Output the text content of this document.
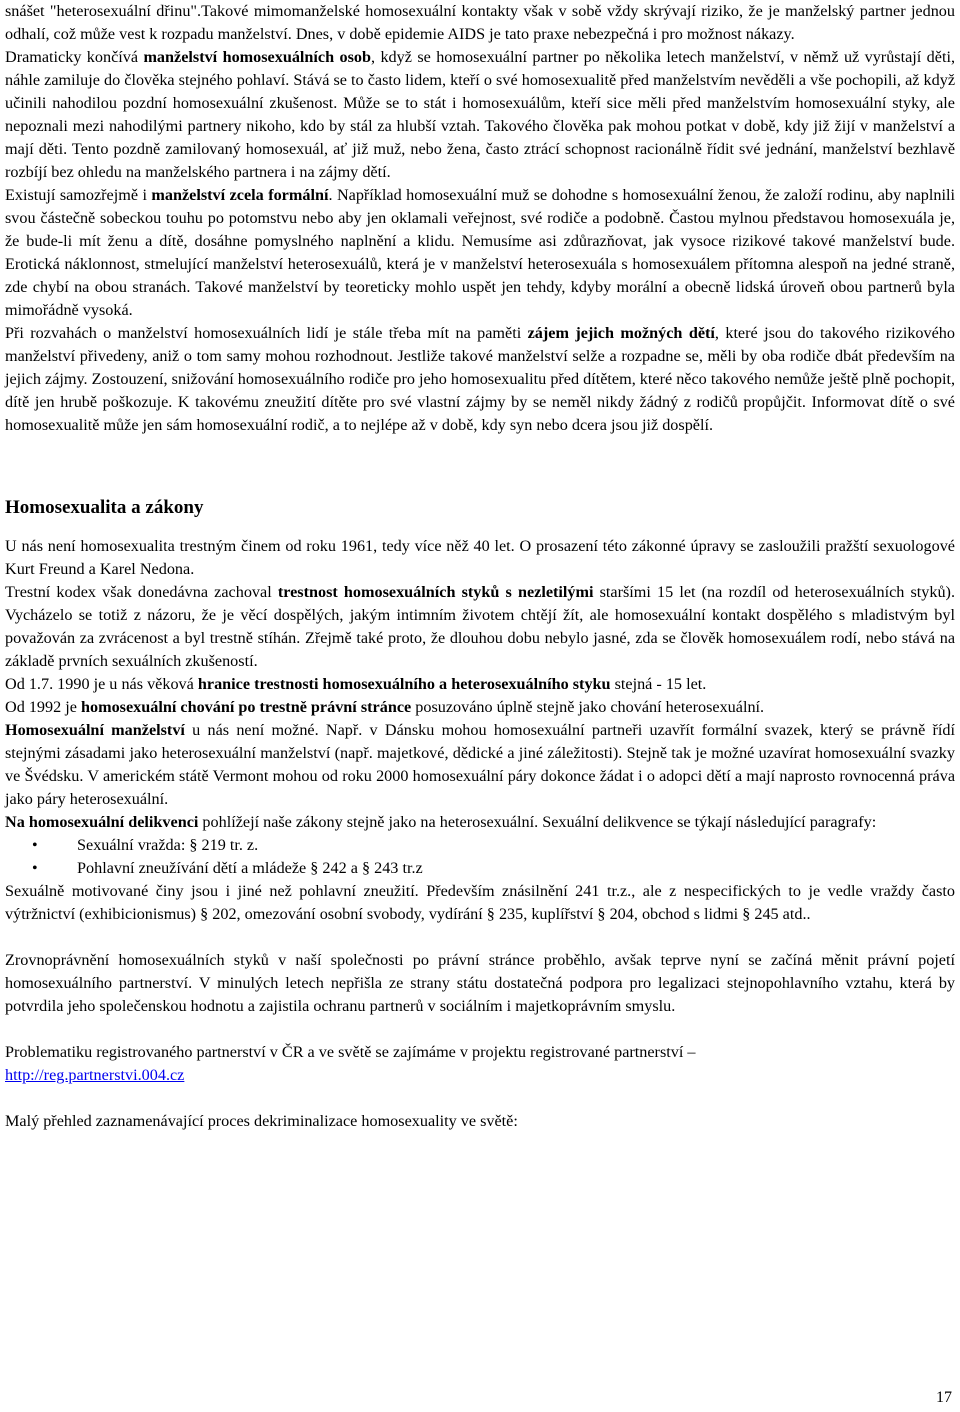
snášet "heterosexuální dřinu".Takové mimomanželské homosexuální kontakty však v sobě vždy skrývají riziko, že je manželský partner jednou odhalí, což může vest k rozpadu manželství. Dnes, v době epidemie AIDS je tato praxe nebezpečná i pro možnost nákazy.

Dramaticky končívá manželství homosexuálních osob, když se homosexuální partner po několika letech manželství, v němž už vyrůstají děti, náhle zamiluje do člověka stejného pohlaví. Stává se to často lidem, kteří o své homosexualitě před manželstvím nevěděli a vše pochopili, až když učinili nahodilou pozdní homosexuální zkušenost. Může se to stát i homosexuálům, kteří sice měli před manželstvím homosexuální styky, ale nepoznali mezi nahodilými partnery nikoho, kdo by stál za hlubší vztah. Takového člověka pak mohou potkat v době, kdy již žijí v manželství a mají děti. Tento pozdně zamilovaný homosexuál, ať již muž, nebo žena, často ztrácí schopnost racionálně řídit své jednání, manželství bezhlavě rozbíjí bez ohledu na manželského partnera i na zájmy dětí.

Existují samozřejmě i manželství zcela formální. Například homosexuální muž se dohodne s homosexuální ženou, že založí rodinu, aby naplnili svou částečně sobeckou touhu po potomstvu nebo aby jen oklamali veřejnost, své rodiče a podobně. Častou mylnou představou homosexuála je, že bude-li mít ženu a dítě, dosáhne pomyslného naplnění a klidu. Nemusíme asi zdůrazňovat, jak vysoce rizikové takové manželství bude. Erotická náklonnost, stmelující manželství heterosexuálů, která je v manželství heterosexuála s homosexuálem přítomna alespoň na jedné straně, zde chybí na obou stranách. Takové manželství by teoreticky mohlo uspět jen tehdy, kdyby morální a obecně lidská úroveň obou partnerů byla mimořádně vysoká.

Při rozvahách o manželství homosexuálních lidí je stále třeba mít na paměti zájem jejich možných dětí, které jsou do takového rizikového manželství přivedeny, aniž o tom samy mohou rozhodnout. Jestliže takové manželství selže a rozpadne se, měli by oba rodiče dbát především na jejich zájmy. Zostouzení, snižování homosexuálního rodiče pro jeho homosexualitu před dítětem, které něco takového nemůže ještě plně pochopit, dítě jen hrubě poškozuje. K takovému zneužití dítěte pro své vlastní zájmy by se neměl nikdy žádný z rodičů propůjčit. Informovat dítě o své homosexualitě může jen sám homosexuální rodič, a to nejlépe až v době, kdy syn nebo dcera jsou již dospělí.

Homosexualita a zákony

U nás není homosexualita trestným činem od roku 1961, tedy více něž 40 let. O prosazení této zákonné úpravy se zasloužili pražští sexuologové Kurt Freund a Karel Nedona.

Trestní kodex však donedávna zachoval trestnost homosexuálních styků s nezletilými staršími 15 let (na rozdíl od heterosexuálních styků). Vycházelo se totiž z názoru, že je věcí dospělých, jakým intimním životem chtějí žít, ale homosexuální kontakt dospělého s mladistvým byl považován za zvrácenost a byl trestně stíhán. Zřejmě také proto, že dlouhou dobu nebylo jasné, zda se člověk homosexuálem rodí, nebo stává na základě prvních sexuálních zkušeností.

Od 1.7. 1990 je u nás věková hranice trestnosti homosexuálního a heterosexuálního styku stejná - 15 let.

Od 1992 je homosexuální chování po trestně právní stránce posuzováno úplně stejně jako chování heterosexuální.

Homosexuální manželství u nás není možné. Např. v Dánsku mohou homosexuální partneři uzavřít formální svazek, který se právně řídí stejnými zásadami jako heterosexuální manželství (např. majetkové, dědické a jiné záležitosti). Stejně tak je možné uzavírat homosexuální svazky ve Švédsku. V americkém státě Vermont mohou od roku 2000 homosexuální páry dokonce žádat i o adopci dětí a mají naprosto rovnocenná práva jako páry heterosexuální.

Na homosexuální delikvenci pohlížejí naše zákony stejně jako na heterosexuální. Sexuální delikvence se týkají následující paragrafy:

• Sexuální vražda: § 219 tr. z.
• Pohlavní zneužívání dětí a mládeže § 242 a § 243 tr.z

Sexuálně motivované činy jsou i jiné než pohlavní zneužití. Především znásilnění 241 tr.z., ale z nespecifických to je vedle vraždy často výtržnictví (exhibicionismus) § 202, omezování osobní svobody, vydírání § 235, kuplířství § 204, obchod s lidmi § 245 atd..

Zrovnoprávnění homosexuálních styků v naší společnosti po právní stránce proběhlo, avšak teprve nyní se začíná měnit právní pojetí homosexuálního partnerství. V minulých letech nepřišla ze strany státu dostatečná podpora pro legalizaci stejnopohlavního vztahu, která by potvrdila jeho společenskou hodnotu a zajistila ochranu partnerů v sociálním i majetkoprávním smyslu.

Problematiku registrovaného partnerství v ČR a ve světě se zajímáme v projektu registrované partnerství –
http://reg.partnerstvi.004.cz

Malý přehled zaznamenávající proces dekriminalizace homosexuality ve světě:

17
